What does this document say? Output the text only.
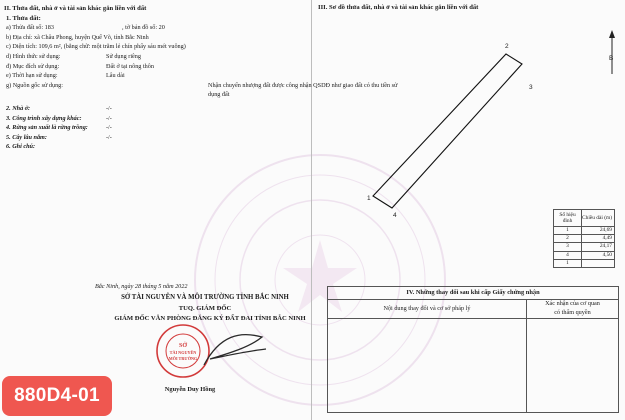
II. Thửa đất, nhà ở và tài sản khác gắn liền với đất
1. Thửa đất:
a) Thửa đất số: 183	, tờ bản đồ số: 20
b) Địa chỉ: xã Châu Phong, huyện Quế Võ, tỉnh Bắc Ninh
c) Diện tích: 109,6 m², (bằng chữ: một trăm lẻ chín phẩy sáu mét vuông)
d) Hình thức sử dụng:	Sử dụng riêng
đ) Mục đích sử dụng:	Đất ở tại nông thôn
e) Thời hạn sử dụng:	Lâu dài
g) Nguồn gốc sử dụng:	Nhận chuyển nhượng đất được công nhận QSDĐ như giao đất có thu tiền sử dụng đất
2. Nhà ở:	-/-
3. Công trình xây dựng khác:	-/-
4. Rừng sản xuất là rừng trồng:	-/-
5. Cây lâu năm:	-/-
6. Ghi chú:
Bắc Ninh, ngày 28 tháng 5 năm 2022
SỞ TÀI NGUYÊN VÀ MÔI TRƯỜNG TỈNH BẮC NINH
TUQ. GIÁM ĐỐC
GIÁM ĐỐC VĂN PHÒNG ĐĂNG KÝ ĐẤT ĐAI TỈNH BẮC NINH
SỞ
TÀI NGUYÊN
MÔI TRƯỜNG
Nguyễn Duy Hồng
880D4-01
III. Sơ đồ thửa đất, nhà ở và tài sản khác gắn liền với đất
1
2
3
4
B
Số hiệu đỉnh	Chiều dài (m)
1	24,69
2	4,49
3	24,17
4	4,50
1	
IV. Những thay đổi sau khi cấp Giấy chứng nhận
Nội dung thay đổi và cơ sở pháp lý
Xác nhận của cơ quan
có thẩm quyền
